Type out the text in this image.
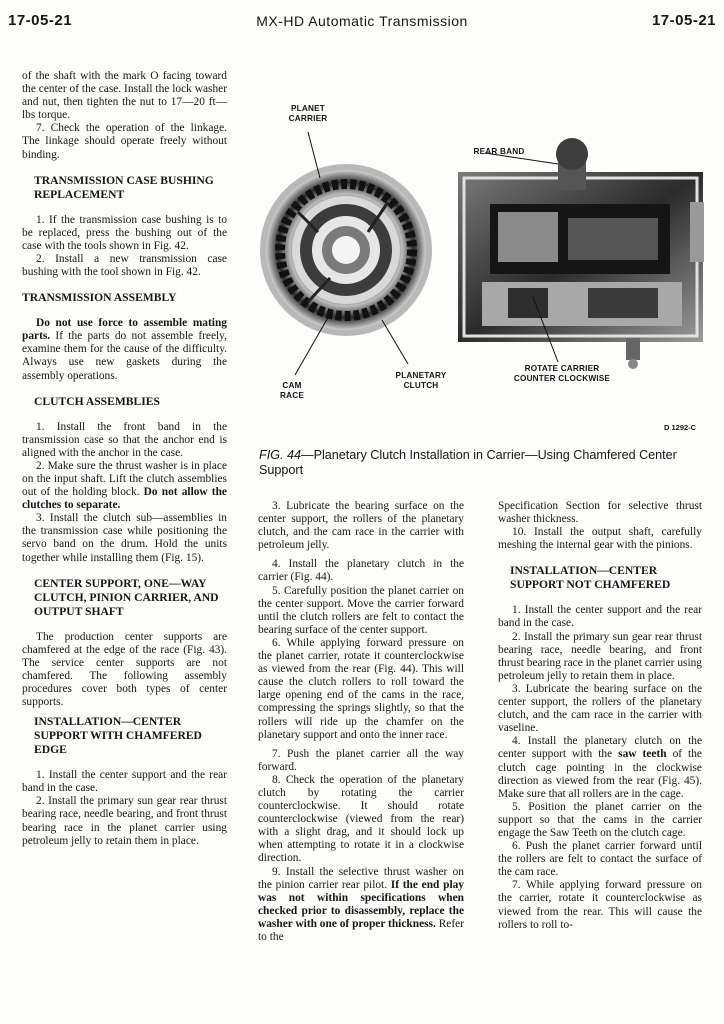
17-05-21	MX-HD Automatic Transmission	17-05-21

of the shaft with the mark O facing toward the center of the case. Install the lock washer and nut, then tighten the nut to 17—20 ft—lbs torque.

7. Check the operation of the linkage. The linkage should operate freely without binding.

TRANSMISSION CASE BUSHING REPLACEMENT

1. If the transmission case bushing is to be replaced, press the bushing out of the case with the tools shown in Fig. 42.

2. Install a new transmission case bushing with the tool shown in Fig. 42.

TRANSMISSION ASSEMBLY

Do not use force to assemble mating parts. If the parts do not assemble freely, examine them for the cause of the difficulty. Always use new gaskets during the assembly operations.

CLUTCH ASSEMBLIES

1. Install the front band in the transmission case so that the anchor end is aligned with the anchor in the case.

2. Make sure the thrust washer is in place on the input shaft. Lift the clutch assemblies out of the holding block. Do not allow the clutches to separate.

3. Install the clutch sub—assemblies in the transmission case while positioning the servo band on the drum. Hold the units together while installing them (Fig. 15).

CENTER SUPPORT, ONE—WAY CLUTCH, PINION CARRIER, AND OUTPUT SHAFT

The production center supports are chamfered at the edge of the race (Fig. 43). The service center supports are not chamfered. The following assembly procedures cover both types of center supports.

INSTALLATION—CENTER SUPPORT WITH CHAMFERED EDGE

1. Install the center support and the rear band in the case.

2. Install the primary sun gear rear thrust bearing race, needle bearing, and front thrust bearing race in the planet carrier using petroleum jelly to retain them in place.

PLANET CARRIER
REAR BAND
PLANETARY CLUTCH
ROTATE CARRIER COUNTER CLOCKWISE
CAM RACE
D 1292-C
FIG. 44—Planetary Clutch Installation in Carrier—Using Chamfered Center Support

3. Lubricate the bearing surface on the center support, the rollers of the planetary clutch, and the cam race in the carrier with petroleum jelly.

4. Install the planetary clutch in the carrier (Fig. 44).

5. Carefully position the planet carrier on the center support. Move the carrier forward until the clutch rollers are felt to contact the bearing surface of the center support.

6. While applying forward pressure on the planet carrier, rotate it counterclockwise as viewed from the rear (Fig. 44). This will cause the clutch rollers to roll toward the large opening end of the cams in the race, compressing the springs slightly, so that the rollers will ride up the chamfer on the planetary support and onto the inner race.

7. Push the planet carrier all the way forward.

8. Check the operation of the planetary clutch by rotating the carrier counterclockwise. It should rotate counterclockwise (viewed from the rear) with a slight drag, and it should lock up when attempting to rotate it in a clockwise direction.

9. Install the selective thrust washer on the pinion carrier rear pilot. If the end play was not within specifications when checked prior to disassembly, replace the washer with one of proper thickness. Refer to the

Specification Section for selective thrust washer thickness.

10. Install the output shaft, carefully meshing the internal gear with the pinions.

INSTALLATION—CENTER SUPPORT NOT CHAMFERED

1. Install the center support and the rear band in the case.

2. Install the primary sun gear rear thrust bearing race, needle bearing, and front thrust bearing race in the planet carrier using petroleum jelly to retain them in place.

3. Lubricate the bearing surface on the center support, the rollers of the planetary clutch, and the cam race in the carrier with vaseline.

4. Install the planetary clutch on the center support with the saw teeth of the clutch cage pointing in the clockwise direction as viewed from the rear (Fig. 45). Make sure that all rollers are in the cage.

5. Position the planet carrier on the support so that the cams in the carrier engage the Saw Teeth on the clutch cage.

6. Push the planet carrier forward until the rollers are felt to contact the surface of the cam race.

7. While applying forward pressure on the carrier, rotate it counterclockwise as viewed from the rear. This will cause the rollers to roll to-
